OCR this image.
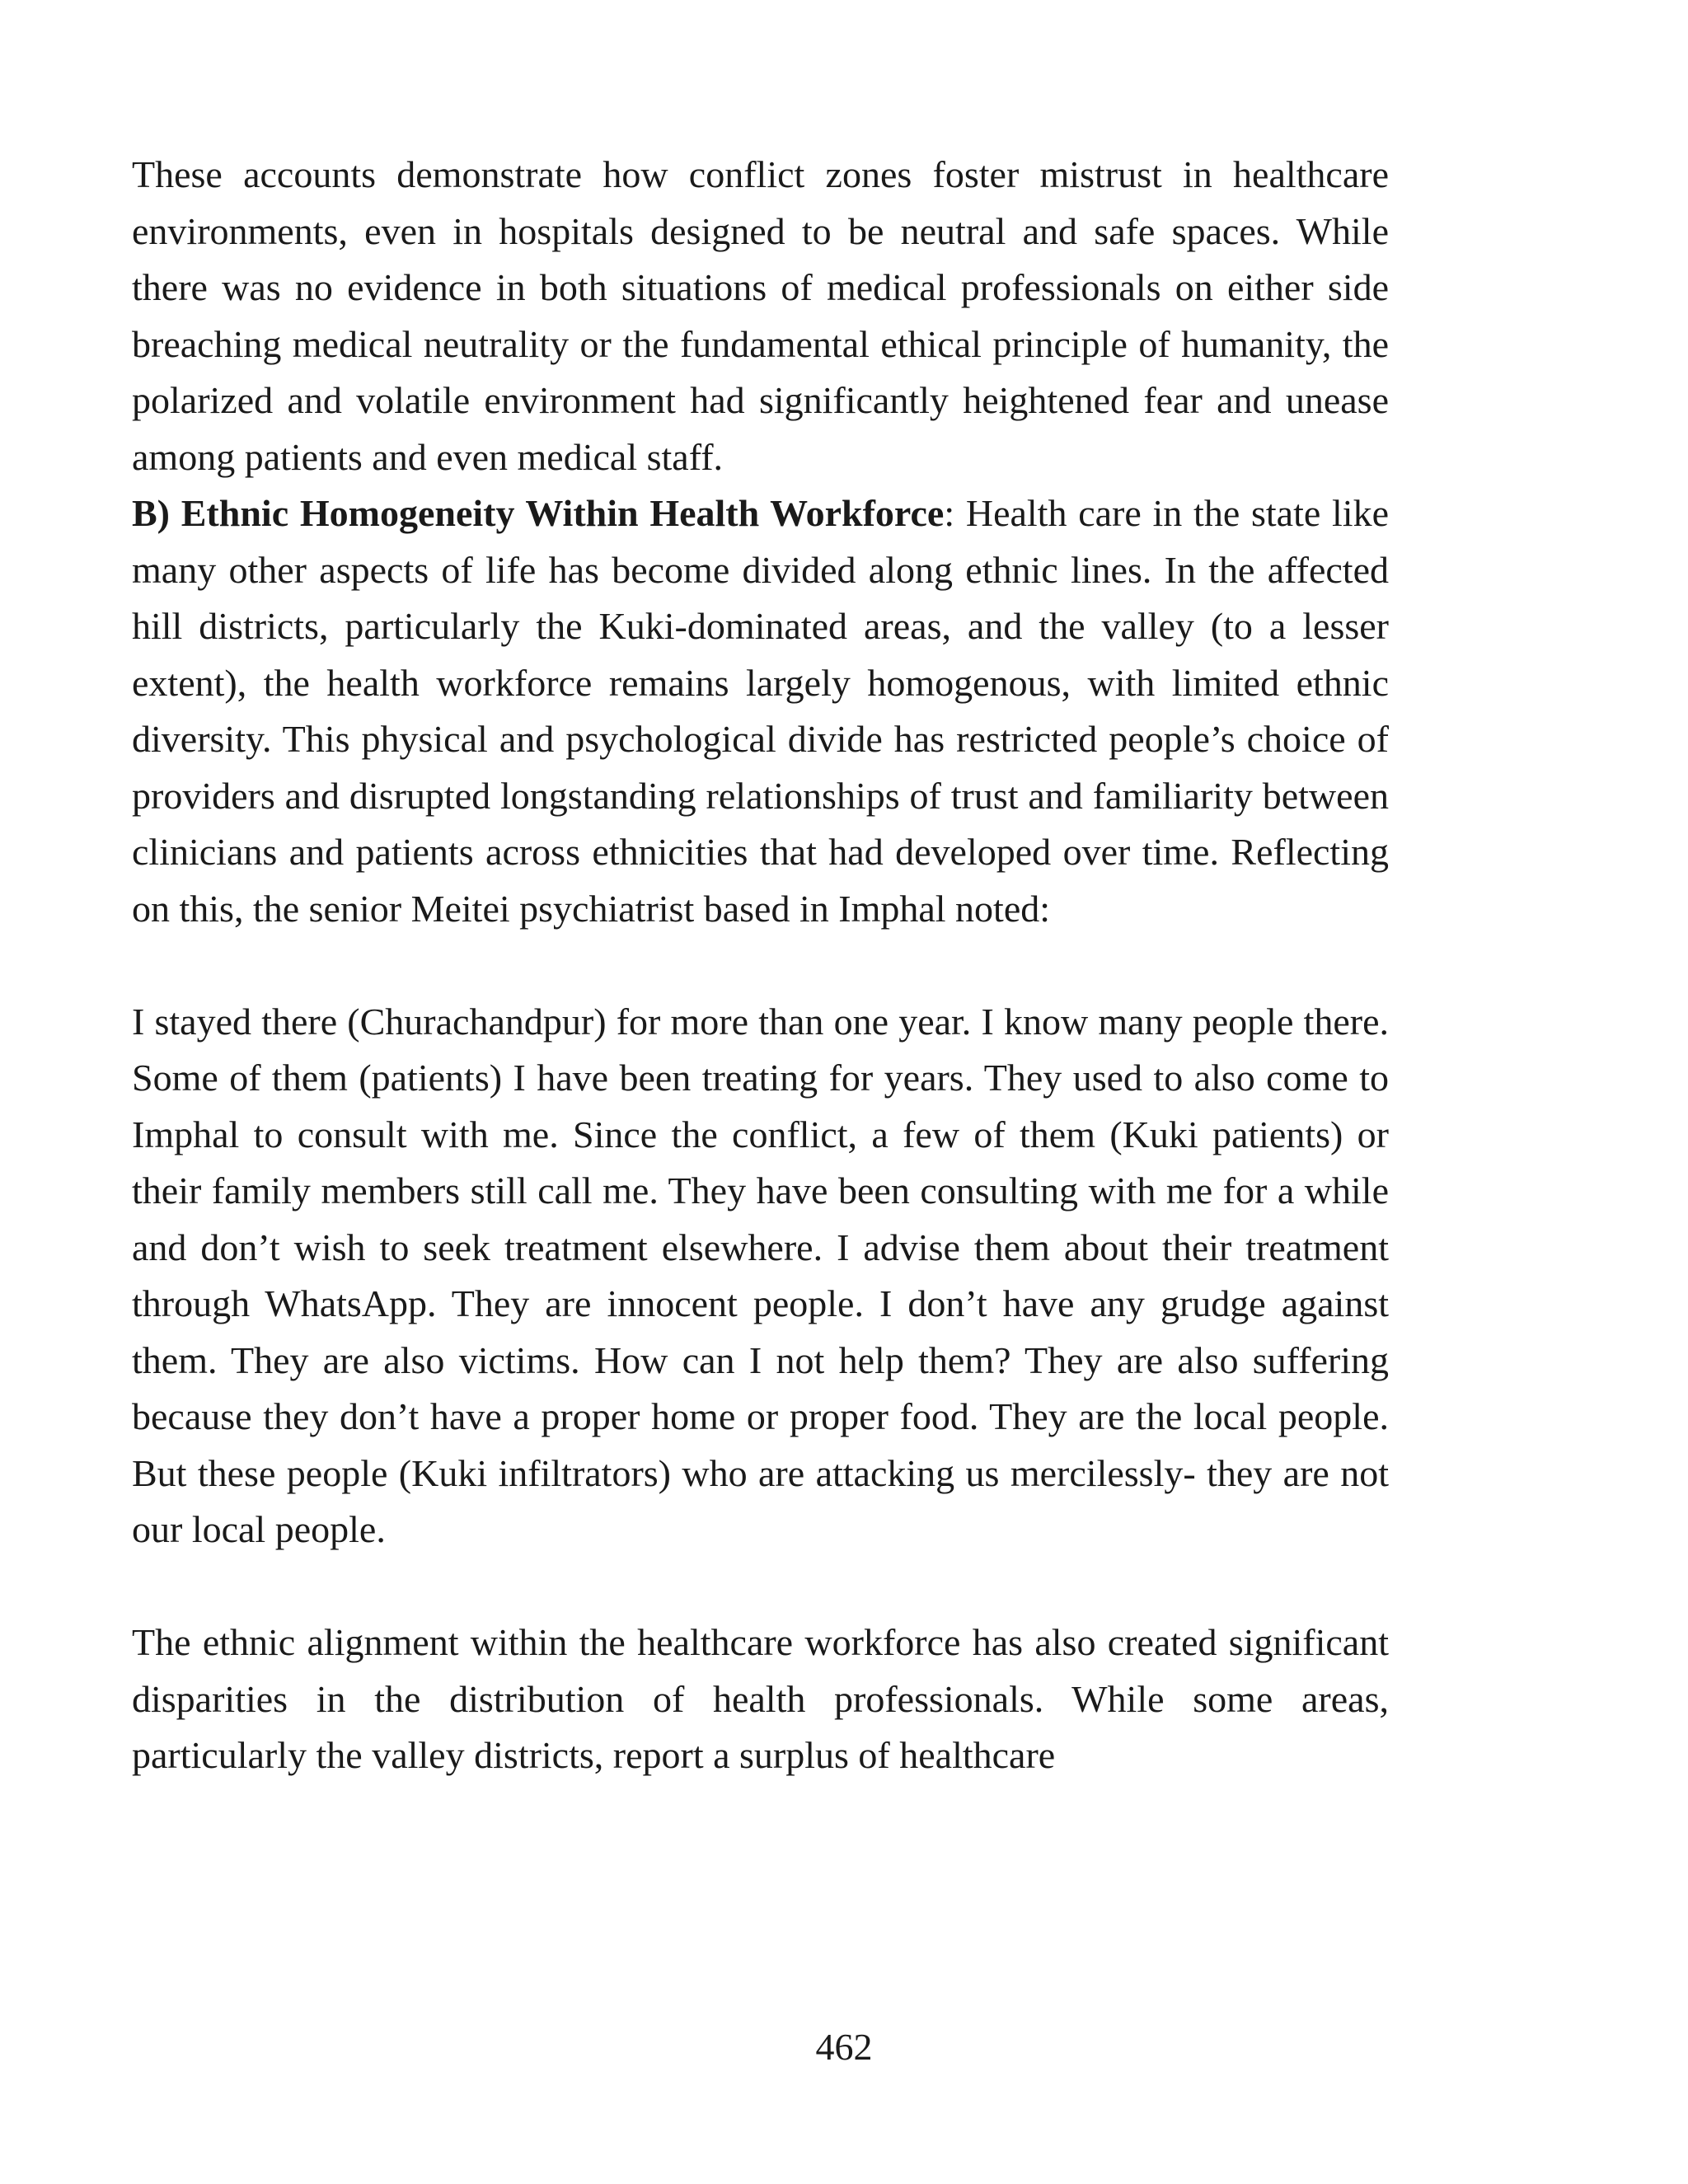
These accounts demonstrate how conflict zones foster mistrust in healthcare environments, even in hospitals designed to be neutral and safe spaces. While there was no evidence in both situations of medical professionals on either side breaching medical neutrality or the fundamental ethical principle of humanity, the polarized and volatile environment had significantly heightened fear and unease among patients and even medical staff.

B) Ethnic Homogeneity Within Health Workforce: Health care in the state like many other aspects of life has become divided along ethnic lines. In the affected hill districts, particularly the Kuki-dominated areas, and the valley (to a lesser extent), the health workforce remains largely homogenous, with limited ethnic diversity. This physical and psychological divide has restricted people’s choice of providers and disrupted longstanding relationships of trust and familiarity between clinicians and patients across ethnicities that had developed over time. Reflecting on this, the senior Meitei psychiatrist based in Imphal noted:

I stayed there (Churachandpur) for more than one year. I know many people there. Some of them (patients) I have been treating for years. They used to also come to Imphal to consult with me. Since the conflict, a few of them (Kuki patients) or their family members still call me. They have been consulting with me for a while and don’t wish to seek treatment elsewhere. I advise them about their treatment through WhatsApp. They are innocent people. I don’t have any grudge against them. They are also victims. How can I not help them? They are also suffering because they don’t have a proper home or proper food. They are the local people. But these people (Kuki infiltrators) who are attacking us mercilessly- they are not our local people.

The ethnic alignment within the healthcare workforce has also created significant disparities in the distribution of health professionals. While some areas, particularly the valley districts, report a surplus of healthcare

462
